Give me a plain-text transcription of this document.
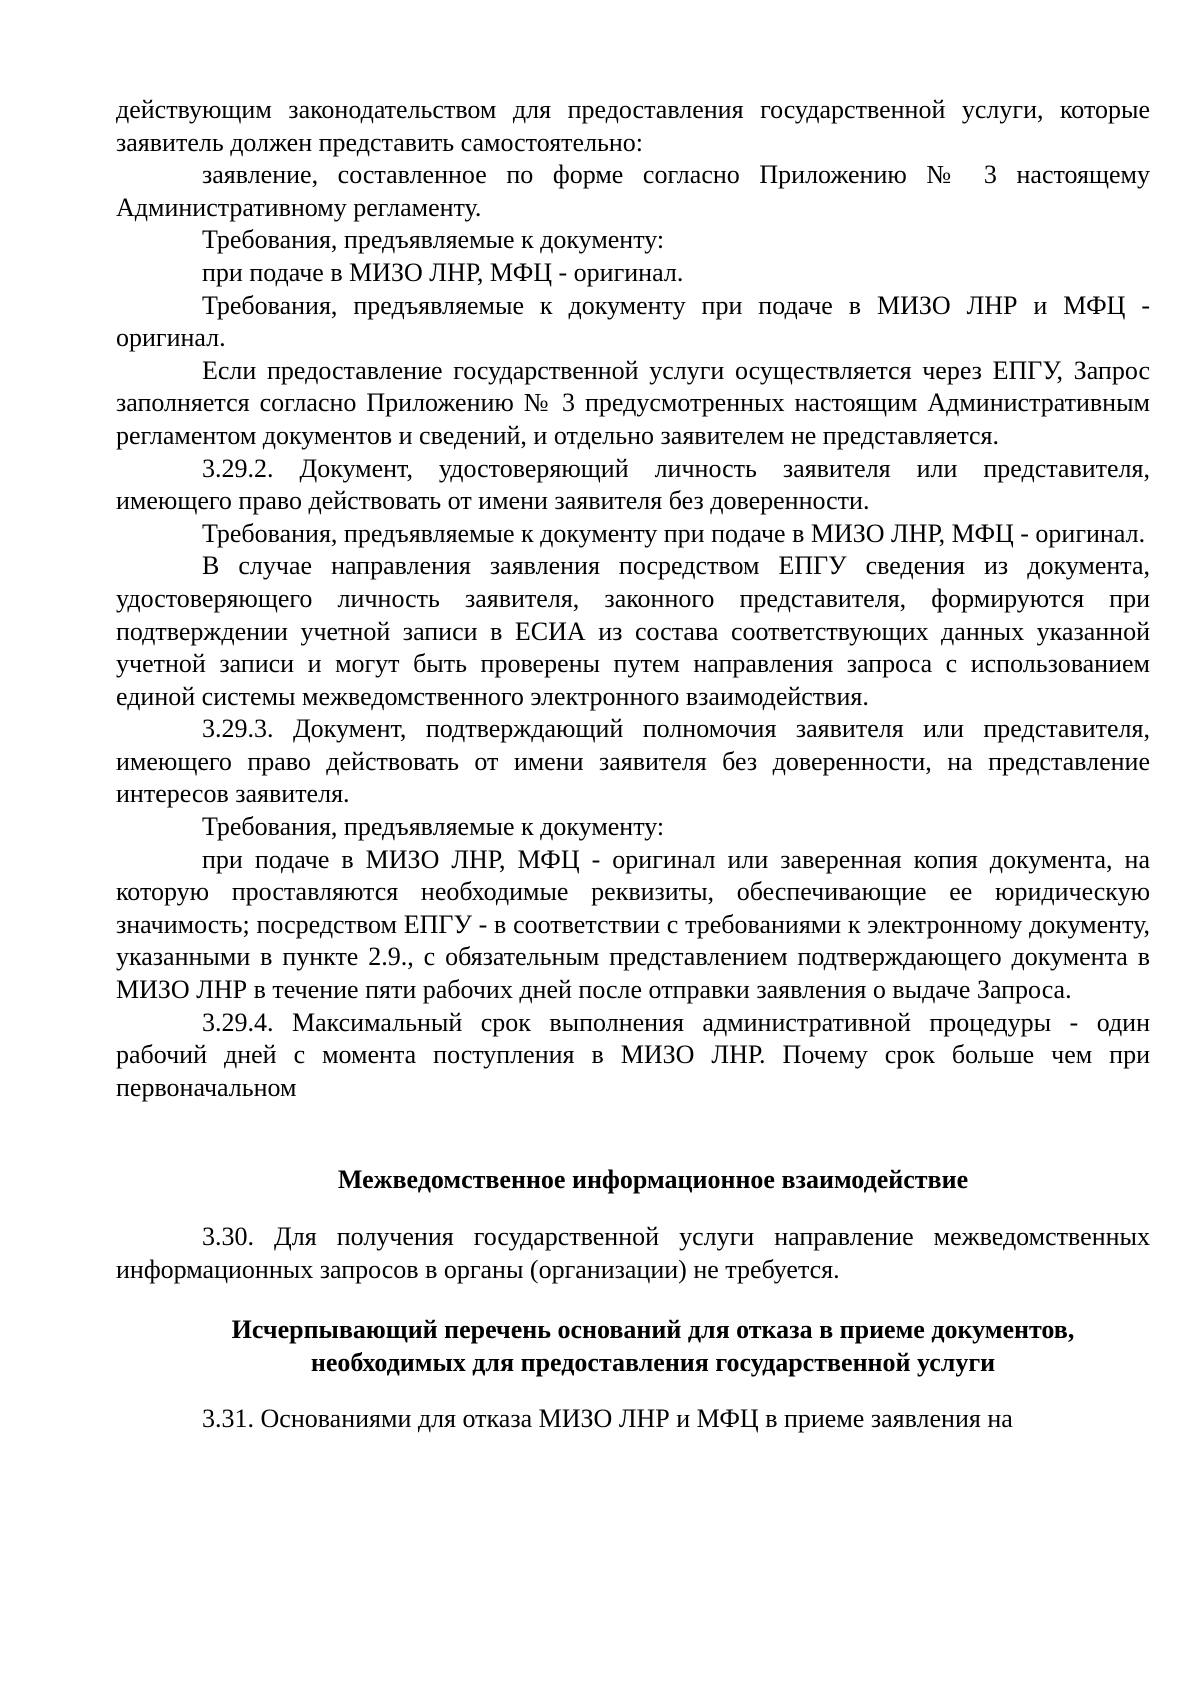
действующим законодательством для предоставления государственной услуги, которые заявитель должен представить самостоятельно:

заявление, составленное по форме согласно Приложению № 3 настоящему Административному регламенту.

Требования, предъявляемые к документу:

при подаче в МИЗО ЛНР, МФЦ - оригинал.

Требования, предъявляемые к документу при подаче в МИЗО ЛНР и МФЦ - оригинал.

Если предоставление государственной услуги осуществляется через ЕПГУ, Запрос заполняется согласно Приложению № 3 предусмотренных настоящим Административным регламентом документов и сведений, и отдельно заявителем не представляется.

3.29.2. Документ, удостоверяющий личность заявителя или представителя, имеющего право действовать от имени заявителя без доверенности.

Требования, предъявляемые к документу при подаче в МИЗО ЛНР, МФЦ - оригинал.

В случае направления заявления посредством ЕПГУ сведения из документа, удостоверяющего личность заявителя, законного представителя, формируются при подтверждении учетной записи в ЕСИА из состава соответствующих данных указанной учетной записи и могут быть проверены путем направления запроса с использованием единой системы межведомственного электронного взаимодействия.

3.29.3. Документ, подтверждающий полномочия заявителя или представителя, имеющего право действовать от имени заявителя без доверенности, на представление интересов заявителя.

Требования, предъявляемые к документу:

при подаче в МИЗО ЛНР, МФЦ - оригинал или заверенная копия документа, на которую проставляются необходимые реквизиты, обеспечивающие ее юридическую значимость; посредством ЕПГУ - в соответствии с требованиями к электронному документу, указанными в пункте 2.9., с обязательным представлением подтверждающего документа в МИЗО ЛНР в течение пяти рабочих дней после отправки заявления о выдаче Запроса.

3.29.4. Максимальный срок выполнения административной процедуры - один рабочий дней с момента поступления в МИЗО ЛНР. Почему срок больше чем при первоначальном

Межведомственное информационное взаимодействие

3.30. Для получения государственной услуги направление межведомственных информационных запросов в органы (организации) не требуется.

Исчерпывающий перечень оснований для отказа в приеме документов,

необходимых для предоставления государственной услуги

3.31. Основаниями для отказа МИЗО ЛНР и МФЦ в приеме заявления на
